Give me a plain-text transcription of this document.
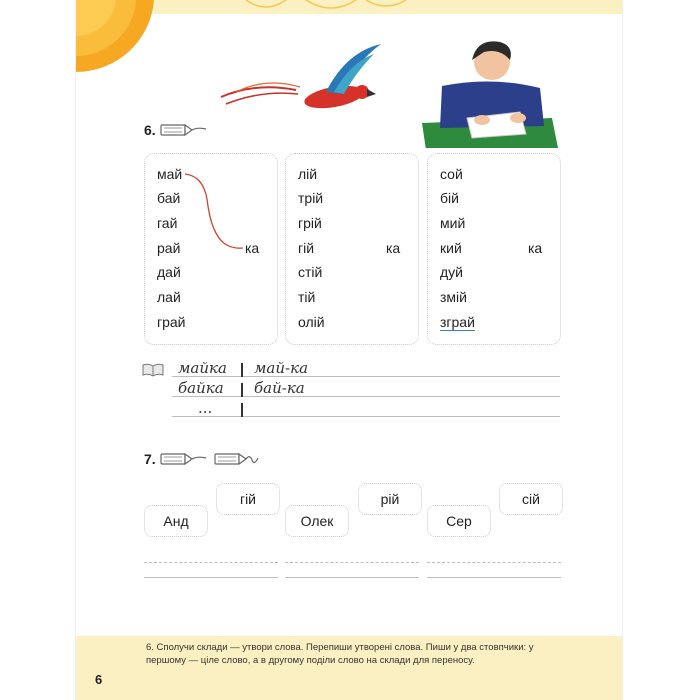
6.
май
бай
гай
рай
дай
лай
грай
ка
лій
трій
грій
гій
стій
тій
олій
ка
сой
бій
мий
кий
дуй
змій
зграй
ка
майка май-ка
байка бай-ка
...
7.
гій
Анд
рій
Олек
сій
Сер
6. Сполучи склади — утвори слова. Перепиши утворені слова. Пиши у два стовпчики: у першому — ціле слово, а в другому поділи слово на склади для переносу.
6
